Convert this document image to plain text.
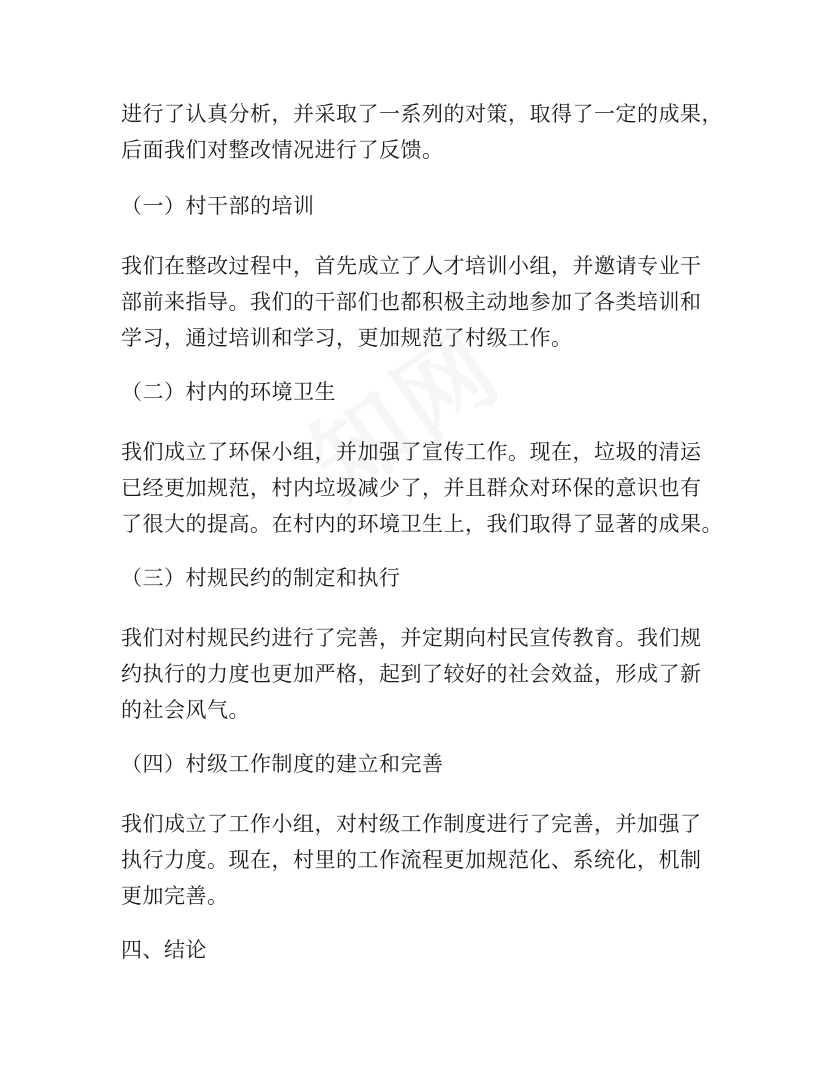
进行了认真分析，并采取了一系列的对策，取得了一定的成果，
后面我们对整改情况进行了反馈。
（一）村干部的培训
我们在整改过程中，首先成立了人才培训小组，并邀请专业干
部前来指导。我们的干部们也都积极主动地参加了各类培训和
学习，通过培训和学习，更加规范了村级工作。
（二）村内的环境卫生
我们成立了环保小组，并加强了宣传工作。现在，垃圾的清运
已经更加规范，村内垃圾减少了，并且群众对环保的意识也有
了很大的提高。在村内的环境卫生上，我们取得了显著的成果。
（三）村规民约的制定和执行
我们对村规民约进行了完善，并定期向村民宣传教育。我们规
约执行的力度也更加严格，起到了较好的社会效益，形成了新
的社会风气。
（四）村级工作制度的建立和完善
我们成立了工作小组，对村级工作制度进行了完善，并加强了
执行力度。现在，村里的工作流程更加规范化、系统化，机制
更加完善。
四、结论
